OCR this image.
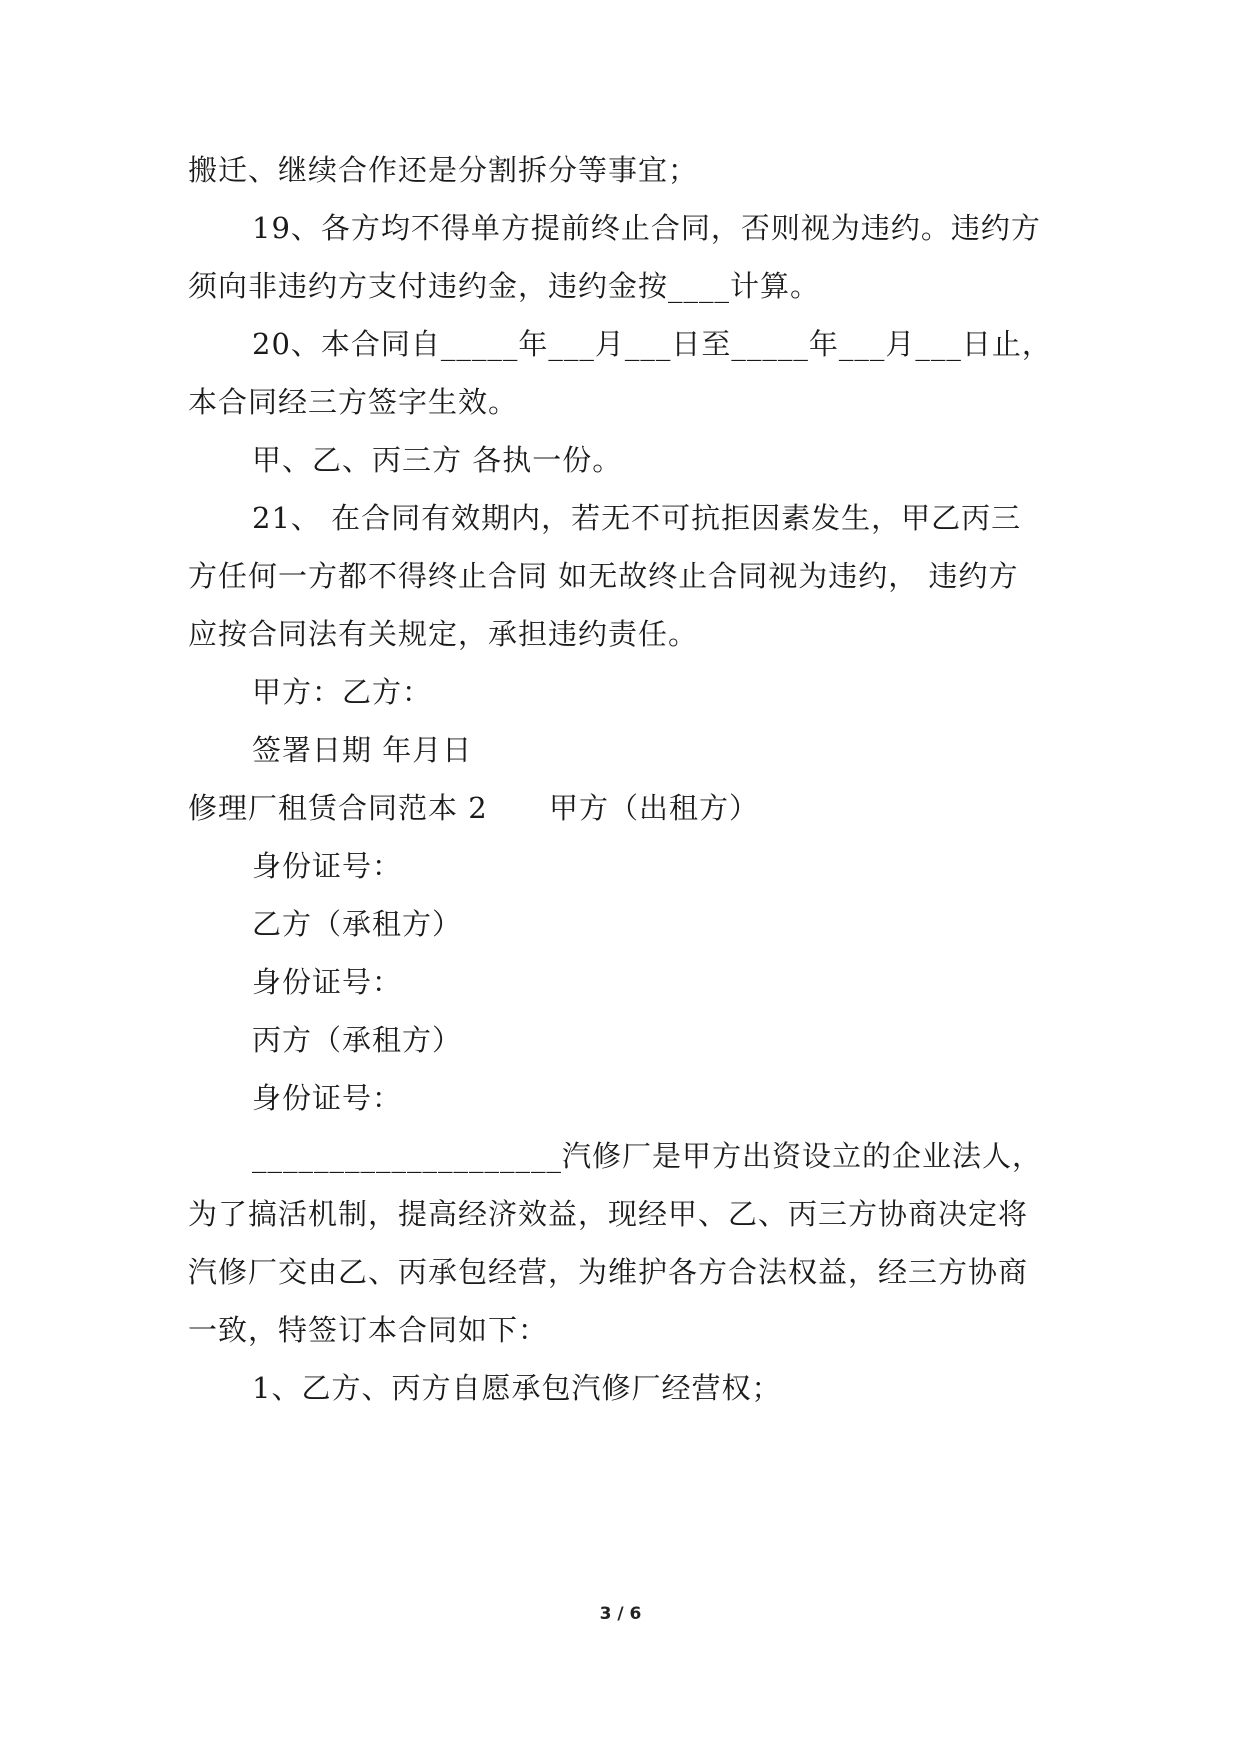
搬迁、继续合作还是分割拆分等事宜；
19、各方均不得单方提前终止合同，否则视为违约。违约方
须向非违约方支付违约金，违约金按____计算。
20、本合同自_____年___月___日至_____年___月___日止，
本合同经三方签字生效。
甲、乙、丙三方 各执一份。
21、 在合同有效期内，若无不可抗拒因素发生，甲乙丙三
方任何一方都不得终止合同 如无故终止合同视为违约， 违约方
应按合同法有关规定，承担违约责任。
甲方：乙方：
签署日期 年月日
修理厂租赁合同范本 2      甲方（出租方）
身份证号：
乙方（承租方）
身份证号：
丙方（承租方）
身份证号：
____________________汽修厂是甲方出资设立的企业法人，
为了搞活机制，提高经济效益，现经甲、乙、丙三方协商决定将
汽修厂交由乙、丙承包经营，为维护各方合法权益，经三方协商
一致，特签订本合同如下：
1、乙方、丙方自愿承包汽修厂经营权；
3 / 6
